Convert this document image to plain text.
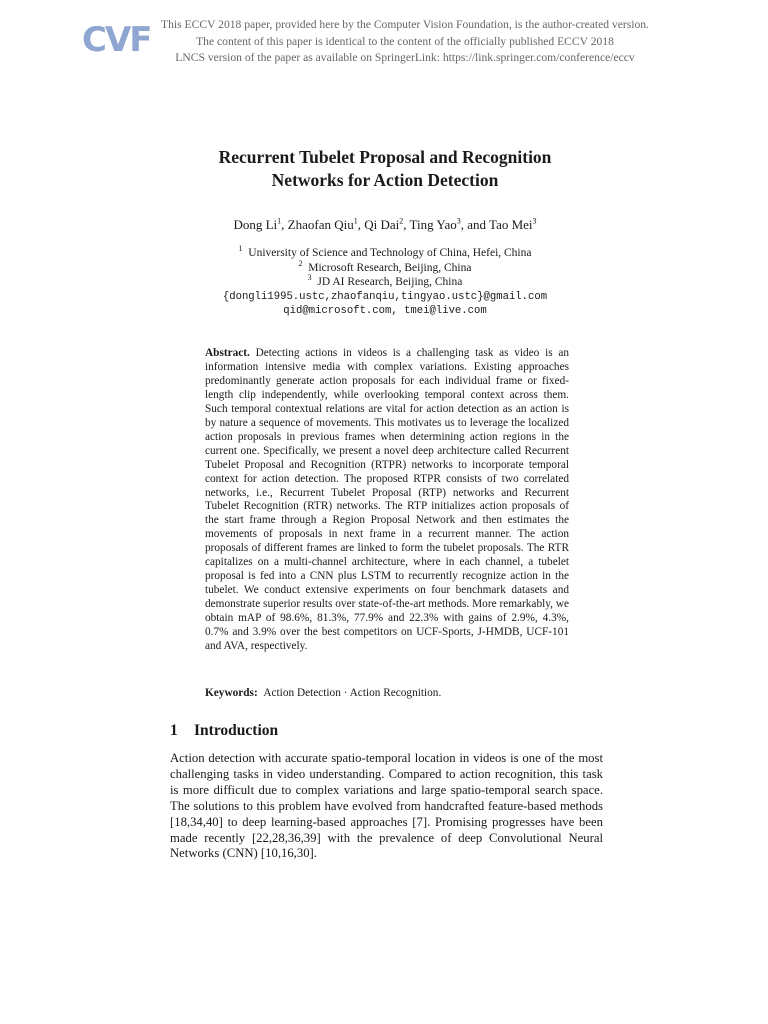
CVF This ECCV 2018 paper, provided here by the Computer Vision Foundation, is the author-created version.
The content of this paper is identical to the content of the officially published ECCV 2018
LNCS version of the paper as available on SpringerLink: https://link.springer.com/conference/eccv
Recurrent Tubelet Proposal and Recognition
Networks for Action Detection
Dong Li$^1$, Zhaofan Qiu$^1$, Qi Dai$^2$, Ting Yao$^3$, and Tao Mei$^3$
$^1$ University of Science and Technology of China, Hefei, China
$^2$ Microsoft Research, Beijing, China
$^3$ JD AI Research, Beijing, China
{dongli1995.ustc,zhaofanqiu,tingyao.ustc}@gmail.com
qid@microsoft.com, tmei@live.com
Abstract. Detecting actions in videos is a challenging task as video is an information intensive media with complex variations. Existing approaches predominantly generate action proposals for each individual frame or fixed-length clip independently, while overlooking temporal context across them. Such temporal contextual relations are vital for action detection as an action is by nature a sequence of movements. This motivates us to leverage the localized action proposals in previous frames when determining action regions in the current one. Specifically, we present a novel deep architecture called Recurrent Tubelet Proposal and Recognition (RTPR) networks to incorporate temporal context for action detection. The proposed RTPR consists of two correlated networks, i.e., Recurrent Tubelet Proposal (RTP) networks and Recurrent Tubelet Recognition (RTR) networks. The RTP initializes action proposals of the start frame through a Region Proposal Network and then estimates the movements of proposals in next frame in a recurrent manner. The action proposals of different frames are linked to form the tubelet proposals. The RTR capitalizes on a multi-channel architecture, where in each channel, a tubelet proposal is fed into a CNN plus LSTM to recurrently recognize action in the tubelet. We conduct extensive experiments on four benchmark datasets and demonstrate superior results over state-of-the-art methods. More remarkably, we obtain mAP of 98.6%, 81.3%, 77.9% and 22.3% with gains of 2.9%, 4.3%, 0.7% and 3.9% over the best competitors on UCF-Sports, J-HMDB, UCF-101 and AVA, respectively.
Keywords: Action Detection · Action Recognition.
1 Introduction
Action detection with accurate spatio-temporal location in videos is one of the most challenging tasks in video understanding. Compared to action recognition, this task is more difficult due to complex variations and large spatio-temporal search space. The solutions to this problem have evolved from handcrafted feature-based methods [18,34,40] to deep learning-based approaches [7]. Promising progresses have been made recently [22,28,36,39] with the prevalence of deep Convolutional Neural Networks (CNN) [10,16,30].
